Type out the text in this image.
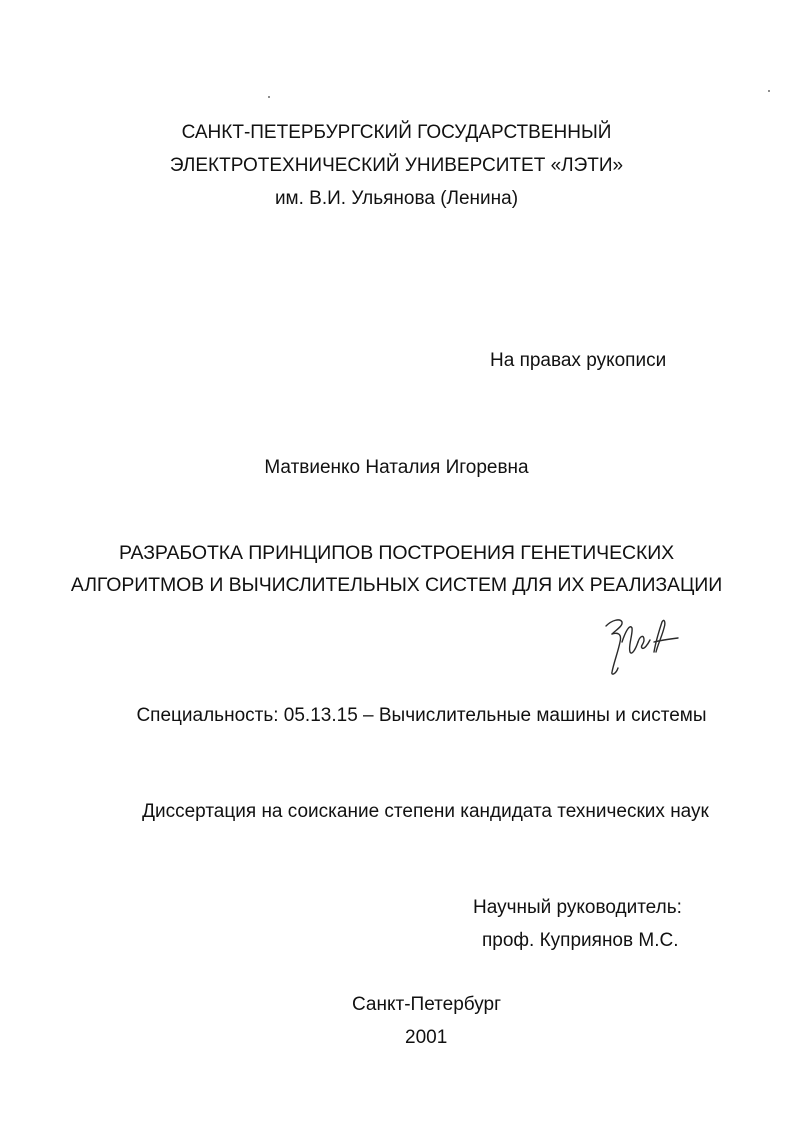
САНКТ-ПЕТЕРБУРГСКИЙ ГОСУДАРСТВЕННЫЙ
ЭЛЕКТРОТЕХНИЧЕСКИЙ УНИВЕРСИТЕТ «ЛЭТИ»
им. В.И. Ульянова (Ленина)
На правах рукописи
Матвиенко Наталия Игоревна
РАЗРАБОТКА ПРИНЦИПОВ ПОСТРОЕНИЯ ГЕНЕТИЧЕСКИХ
АЛГОРИТМОВ И ВЫЧИСЛИТЕЛЬНЫХ СИСТЕМ ДЛЯ ИХ РЕАЛИЗАЦИИ
Специальность: 05.13.15 – Вычислительные машины и системы
Диссертация на соискание степени кандидата технических наук
Научный руководитель:
проф. Куприянов М.С.
Санкт-Петербург
2001
